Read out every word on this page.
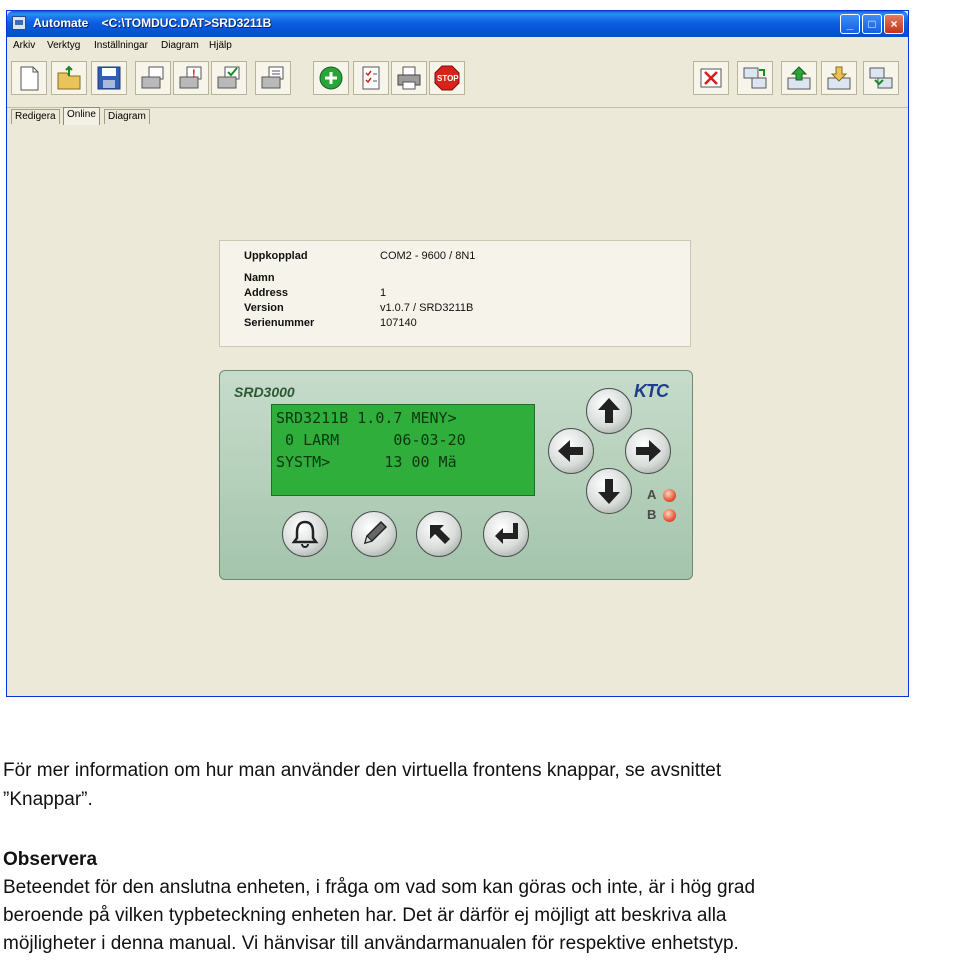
Automate    <C:\TOMDUC.DAT>SRD3211B	_	□	×
Arkiv Verktyg Inställningar Diagram Hjälp
!	STOP
Redigera	Online	Diagram
Uppkopplad	COM2 - 9600 / 8N1
Namn
Address	1
Version	v1.0.7 / SRD3211B
Serienummer	107140
SRD3000	KTC
SRD3211B 1.0.7 MENY>
0 LARM      06-03-20
SYSTM>      13 00 Mä
A
B
För mer information om hur man använder den virtuella frontens knappar, se avsnittet
”Knappar”.
Observera
Beteendet för den anslutna enheten, i fråga om vad som kan göras och inte, är i hög grad
beroende på vilken typbeteckning enheten har. Det är därför ej möjligt att beskriva alla
möjligheter i denna manual. Vi hänvisar till användarmanualen för respektive enhetstyp.
